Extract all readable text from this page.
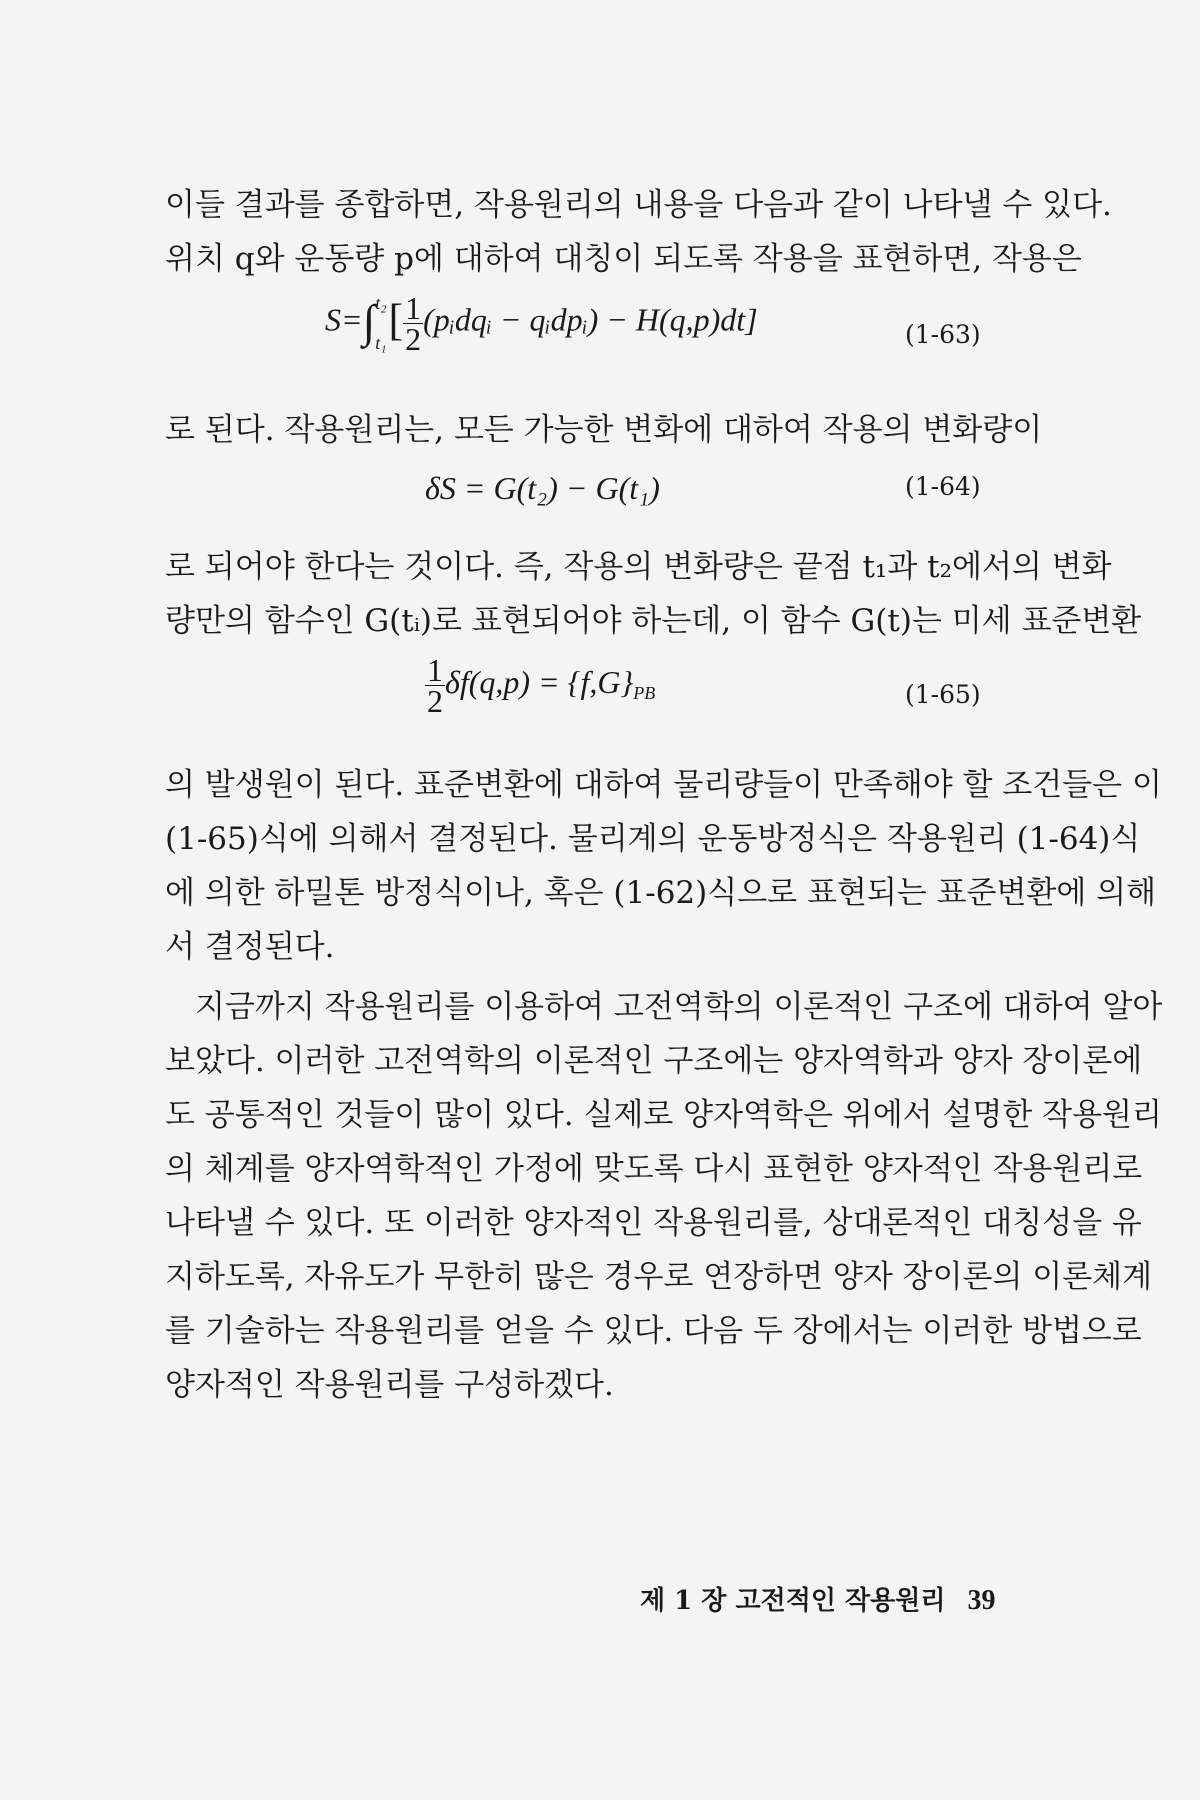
이들 결과를 종합하면, 작용원리의 내용을 다음과 같이 나타낼 수 있다.
위치 q와 운동량 p에 대하여 대칭이 되도록 작용을 표현하면, 작용은
S=∫ t₂
t₁ [ $\frac{1}{2}$ (pᵢdqᵢ − qᵢdpᵢ) − H(q,p)dt]	(1-63)
로 된다. 작용원리는, 모든 가능한 변화에 대하여 작용의 변화량이
δS = G(t₂) − G(t₁)	(1-64)
로 되어야 한다는 것이다. 즉, 작용의 변화량은 끝점 t₁과 t₂에서의 변화
량만의 함수인 G(tᵢ)로 표현되어야 하는데, 이 함수 G(t)는 미세 표준변환
$\frac{1}{2} \delta f(q,p) = \{f,G\}_{PB}$	(1-65)
의 발생원이 된다. 표준변환에 대하여 물리량들이 만족해야 할 조건들은 이
(1-65)식에 의해서 결정된다. 물리계의 운동방정식은 작용원리 (1-64)식
에 의한 하밀톤 방정식이나, 혹은 (1-62)식으로 표현되는 표준변환에 의해
서 결정된다.
지금까지 작용원리를 이용하여 고전역학의 이론적인 구조에 대하여 알아
보았다. 이러한 고전역학의 이론적인 구조에는 양자역학과 양자 장이론에
도 공통적인 것들이 많이 있다. 실제로 양자역학은 위에서 설명한 작용원리
의 체계를 양자역학적인 가정에 맞도록 다시 표현한 양자적인 작용원리로
나타낼 수 있다. 또 이러한 양자적인 작용원리를, 상대론적인 대칭성을 유
지하도록, 자유도가 무한히 많은 경우로 연장하면 양자 장이론의 이론체계
를 기술하는 작용원리를 얻을 수 있다. 다음 두 장에서는 이러한 방법으로
양자적인 작용원리를 구성하겠다.
제 1 장 고전적인 작용원리 39
